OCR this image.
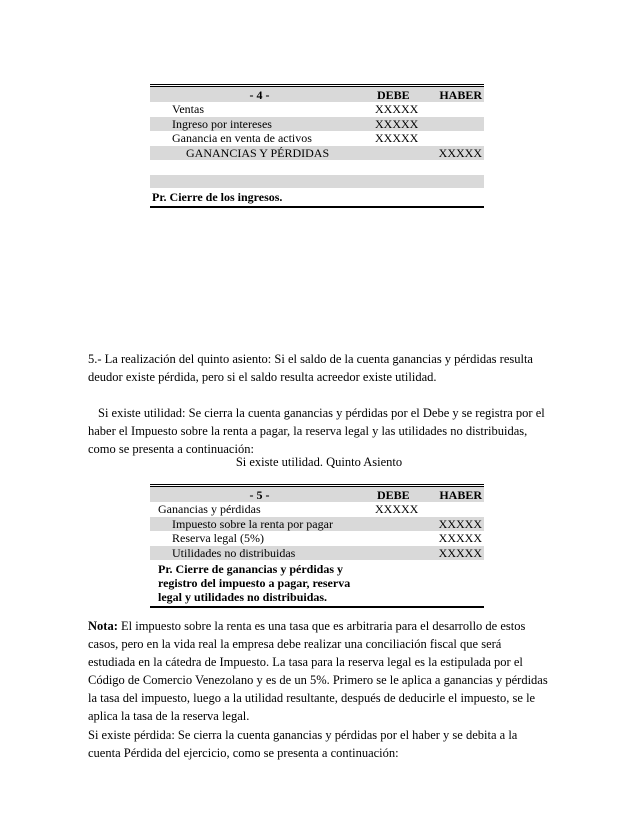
- 4 -	DEBE	HABER
Ventas	XXXXX	
Ingreso por intereses	XXXXX	
Ganancia en venta de activos	XXXXX	
GANANCIAS Y PÉRDIDAS		XXXXX

Pr. Cierre de los ingresos.		

5.- La realización del quinto asiento: Si el saldo de la cuenta ganancias y pérdidas resulta deudor existe pérdida, pero si el saldo resulta acreedor existe utilidad.

Si existe utilidad: Se cierra la cuenta ganancias y pérdidas por el Debe y se registra por el haber el Impuesto sobre la renta a pagar, la reserva legal y las utilidades no distribuidas, como se presenta a continuación:

Si existe utilidad. Quinto Asiento

- 5 -	DEBE	HABER
Ganancias y pérdidas	XXXXX	
Impuesto sobre la renta por pagar		XXXXX
Reserva legal (5%)		XXXXX
Utilidades no distribuidas		XXXXX
Pr. Cierre de ganancias y pérdidas y registro del impuesto a pagar, reserva legal y utilidades no distribuidas.		

Nota: El impuesto sobre la renta es una tasa que es arbitraria para el desarrollo de estos casos, pero en la vida real la empresa debe realizar una conciliación fiscal que será estudiada en la cátedra de Impuesto. La tasa para la reserva legal es la estipulada por el Código de Comercio Venezolano y es de un 5%. Primero se le aplica a ganancias y pérdidas la tasa del impuesto, luego a la utilidad resultante, después de deducirle el impuesto, se le aplica la tasa de la reserva legal.

Si existe pérdida: Se cierra la cuenta ganancias y pérdidas por el haber y se debita a la cuenta Pérdida del ejercicio, como se presenta a continuación:
